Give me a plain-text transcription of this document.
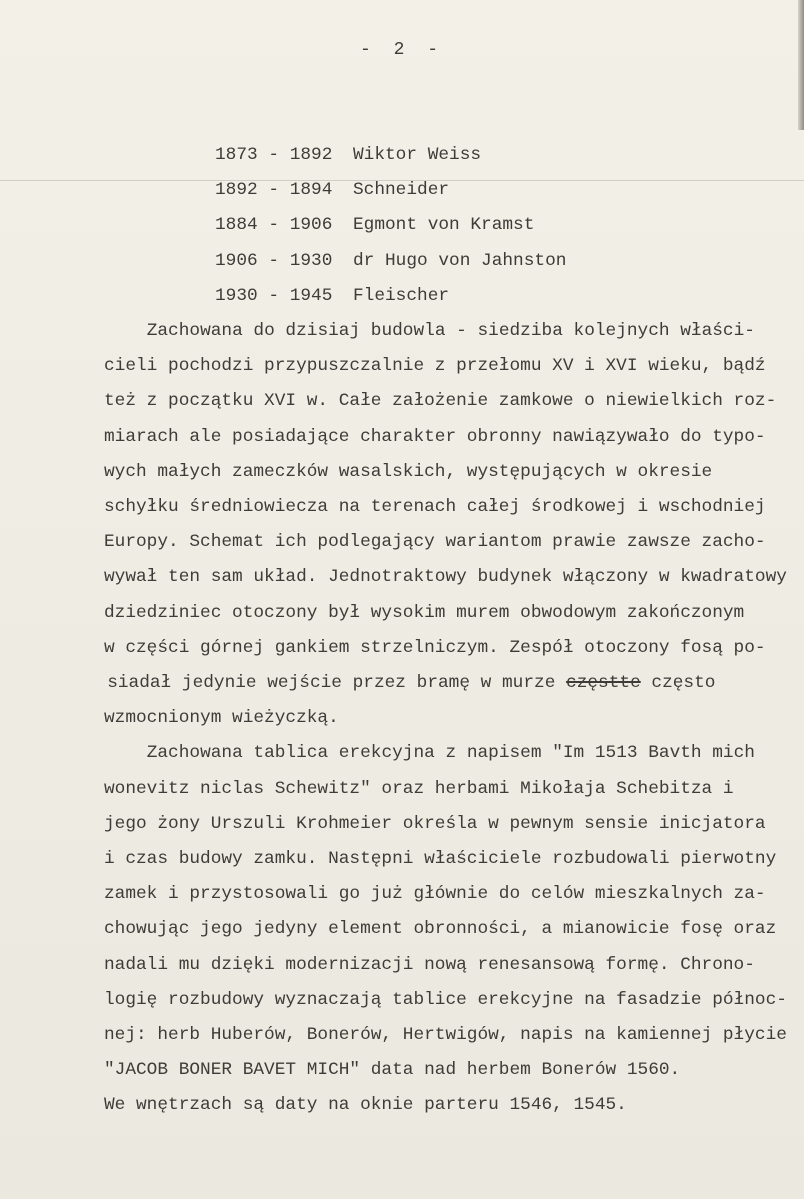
- 2 -
1873 - 1892 Wiktor Weiss
1892 - 1894 Schneider
1884 - 1906 Egmont von Kramst
1906 - 1930 dr Hugo von Jahnston
1930 - 1945 Fleischer
Zachowana do dzisiaj budowla - siedziba kolejnych właści-
cieli pochodzi przypuszczalnie z przełomu XV i XVI wieku, bądź
też z początku XVI w. Całe założenie zamkowe o niewielkich roz-
miarach ale posiadające charakter obronny nawiązywało do typo-
wych małych zameczków wasalskich, występujących w okresie
schyłku średniowiecza na terenach całej środkowej i wschodniej
Europy. Schemat ich podlegający wariantom prawie zawsze zacho-
wywał ten sam układ. Jednotraktowy budynek włączony w kwadratowy
dziedziniec otoczony był wysokim murem obwodowym zakończonym
w części górnej gankiem strzelniczym. Zespół otoczony fosą po-
siadał jedynie wejście przez bramę w murze częstte często
wzmocnionym wieżyczką.
Zachowana tablica erekcyjna z napisem "Im 1513 Bavth mich
wonevitz niclas Schewitz" oraz herbami Mikołaja Schebitza i
jego żony Urszuli Krohmeier określa w pewnym sensie inicjatora
i czas budowy zamku. Następni właściciele rozbudowali pierwotny
zamek i przystosowali go już głównie do celów mieszkalnych za-
chowując jego jedyny element obronności, a mianowicie fosę oraz
nadali mu dzięki modernizacji nową renesansową formę. Chrono-
logię rozbudowy wyznaczają tablice erekcyjne na fasadzie północ-
nej: herb Huberów, Bonerów, Hertwigów, napis na kamiennej płycie
"JACOB BONER BAVET MICH" data nad herbem Bonerów 1560.
We wnętrzach są daty na oknie parteru 1546, 1545.
